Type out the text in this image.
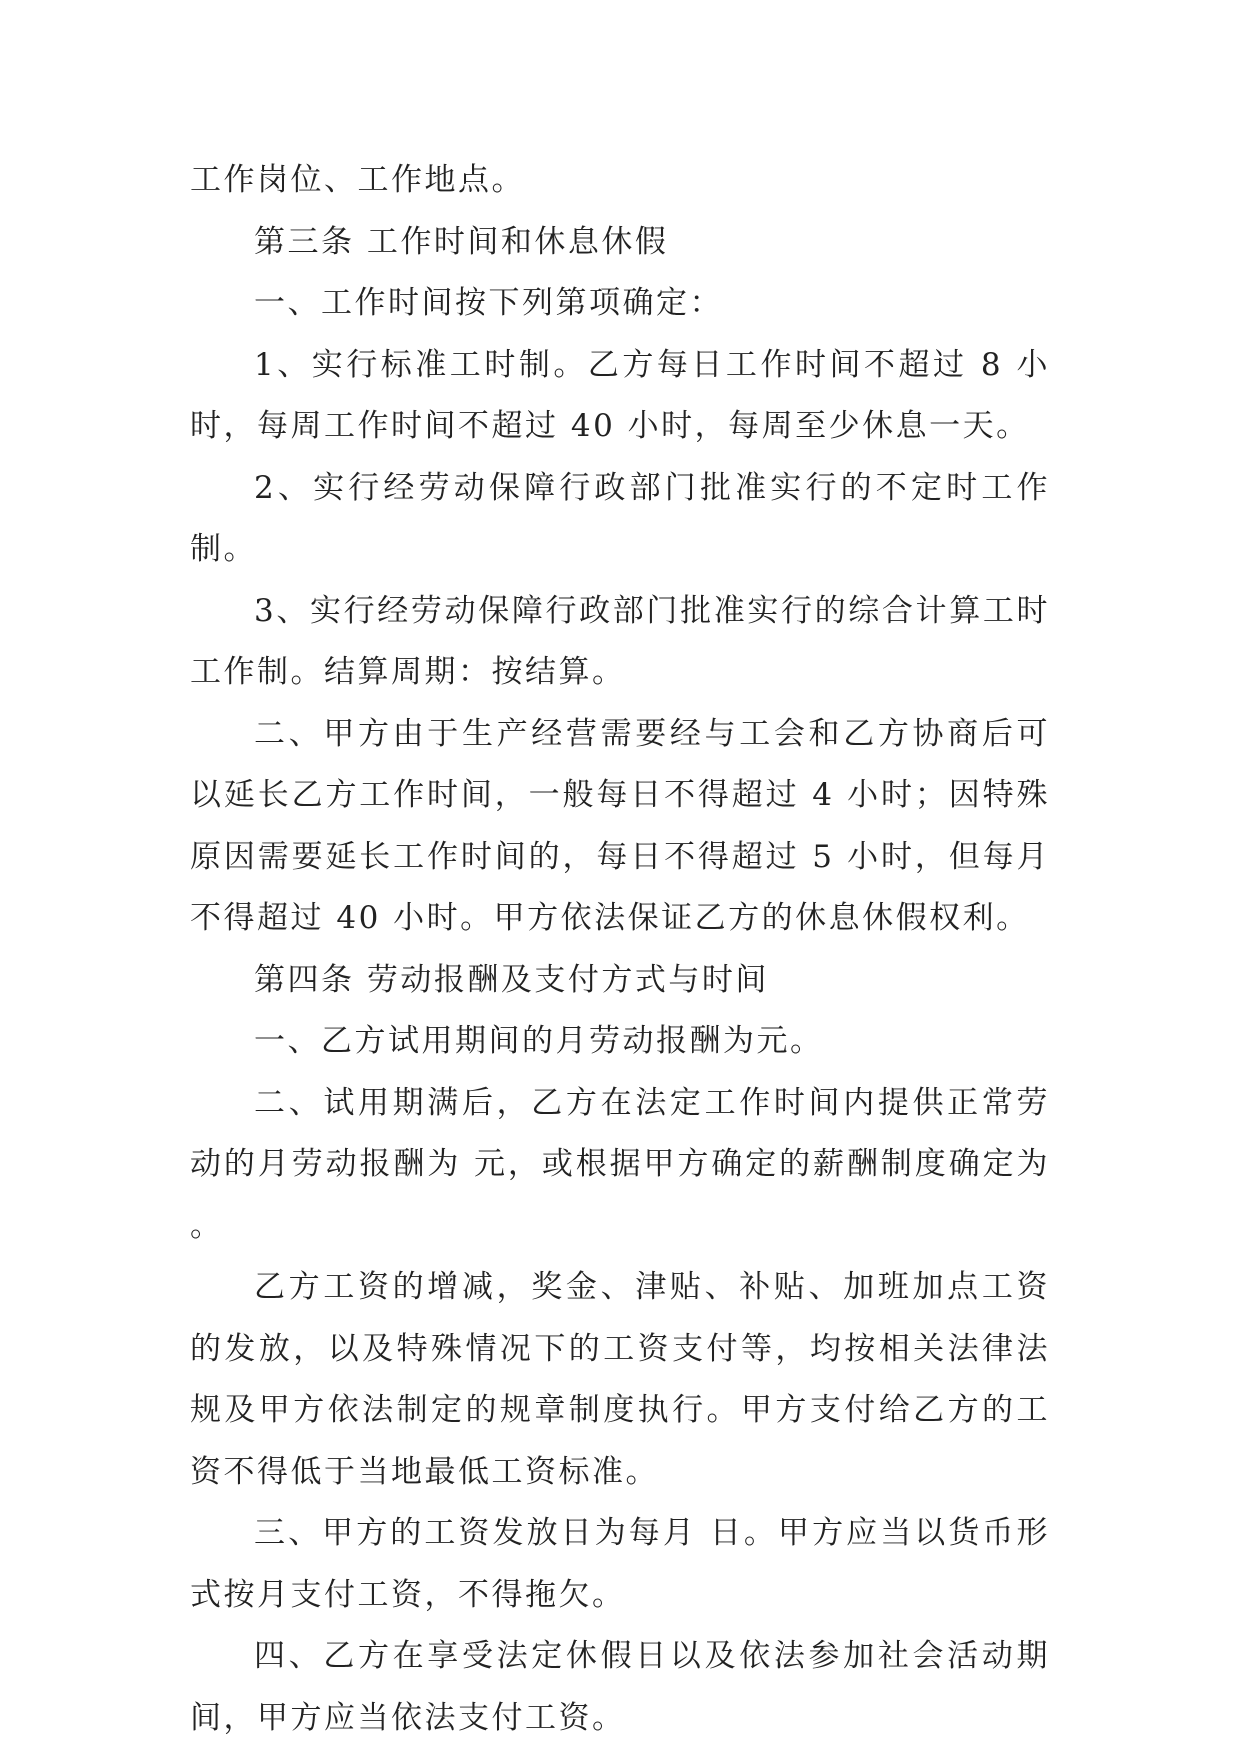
工作岗位、工作地点。

第三条 工作时间和休息休假

一、工作时间按下列第项确定：

1、实行标准工时制。乙方每日工作时间不超过 8 小时，每周工作时间不超过 40 小时，每周至少休息一天。

2、实行经劳动保障行政部门批准实行的不定时工作制。

3、实行经劳动保障行政部门批准实行的综合计算工时工作制。结算周期：按结算。

二、甲方由于生产经营需要经与工会和乙方协商后可以延长乙方工作时间，一般每日不得超过 4 小时；因特殊原因需要延长工作时间的，每日不得超过 5 小时，但每月不得超过 40 小时。甲方依法保证乙方的休息休假权利。

第四条 劳动报酬及支付方式与时间

一、乙方试用期间的月劳动报酬为元。

二、试用期满后，乙方在法定工作时间内提供正常劳动的月劳动报酬为 元，或根据甲方确定的薪酬制度确定为 。

乙方工资的增减，奖金、津贴、补贴、加班加点工资的发放，以及特殊情况下的工资支付等，均按相关法律法规及甲方依法制定的规章制度执行。甲方支付给乙方的工资不得低于当地最低工资标准。

三、甲方的工资发放日为每月 日。甲方应当以货币形式按月支付工资，不得拖欠。

四、乙方在享受法定休假日以及依法参加社会活动期间，甲方应当依法支付工资。
